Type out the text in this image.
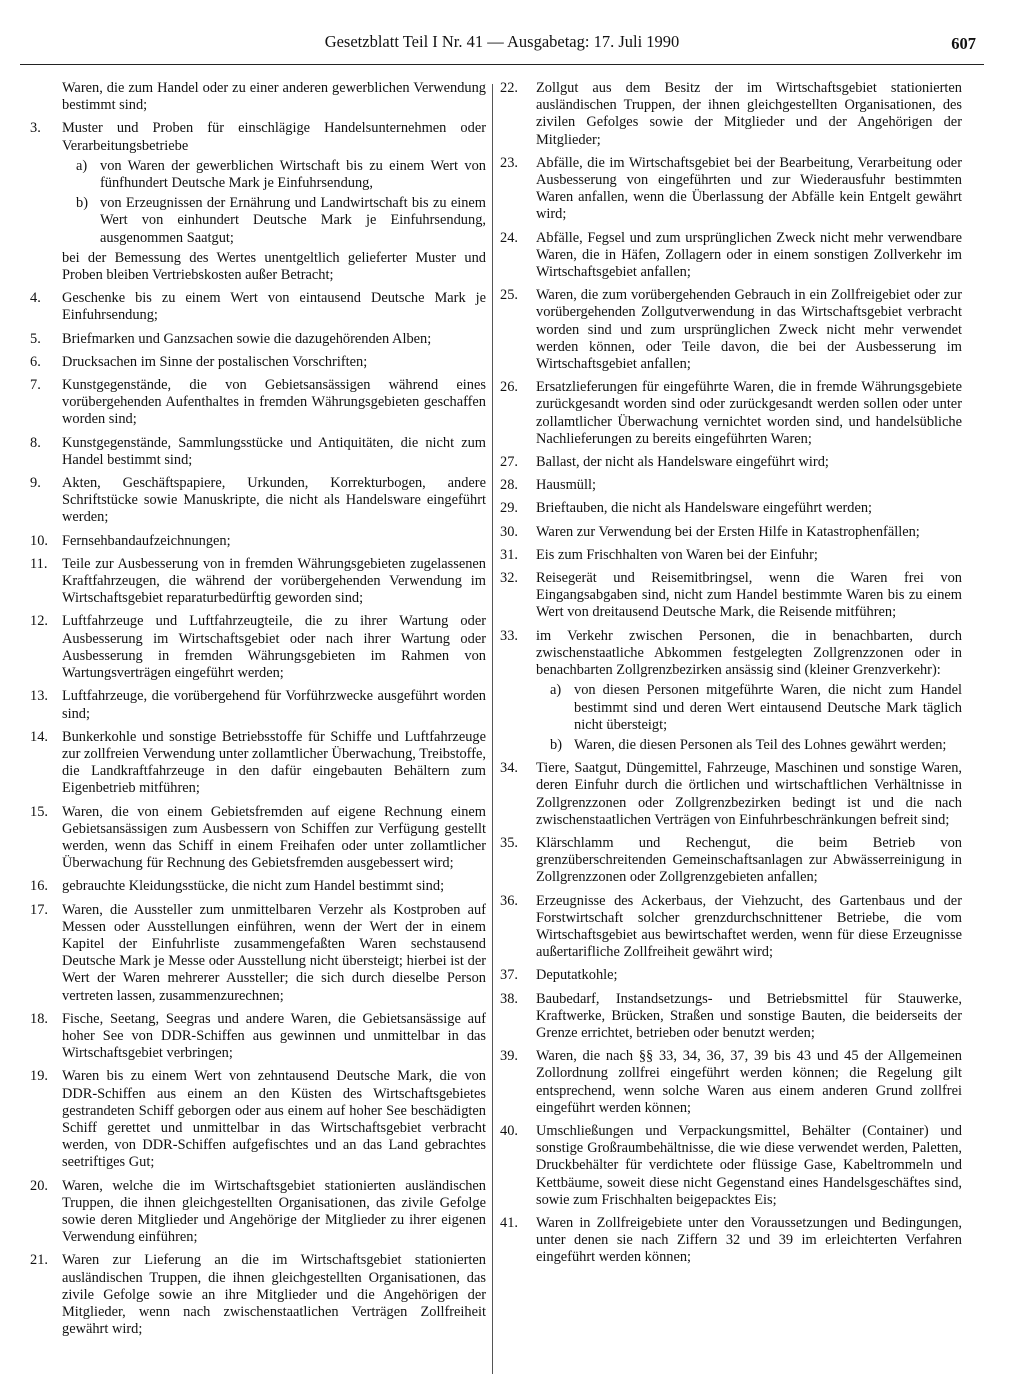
Gesetzblatt Teil I Nr. 41 — Ausgabetag: 17. Juli 1990	607
Waren, die zum Handel oder zu einer anderen gewerblichen Verwendung bestimmt sind;
3.	Muster und Proben für einschlägige Handelsunternehmen oder Verarbeitungsbetriebe
a) von Waren der gewerblichen Wirtschaft bis zu einem Wert von fünfhundert Deutsche Mark je Einfuhrsendung,
b) von Erzeugnissen der Ernährung und Landwirtschaft bis zu einem Wert von einhundert Deutsche Mark je Einfuhrsendung, ausgenommen Saatgut;
bei der Bemessung des Wertes unentgeltlich gelieferter Muster und Proben bleiben Vertriebskosten außer Betracht;
4.	Geschenke bis zu einem Wert von eintausend Deutsche Mark je Einfuhrsendung;
5.	Briefmarken und Ganzsachen sowie die dazugehörenden Alben;
6.	Drucksachen im Sinne der postalischen Vorschriften;
7.	Kunstgegenstände, die von Gebietsansässigen während eines vorübergehenden Aufenthaltes in fremden Währungsgebieten geschaffen worden sind;
8.	Kunstgegenstände, Sammlungsstücke und Antiquitäten, die nicht zum Handel bestimmt sind;
9.	Akten, Geschäftspapiere, Urkunden, Korrekturbogen, andere Schriftstücke sowie Manuskripte, die nicht als Handelsware eingeführt werden;
10. Fernsehbandaufzeichnungen;
11.	Teile zur Ausbesserung von in fremden Währungsgebieten zugelassenen Kraftfahrzeugen, die während der vorübergehenden Verwendung im Wirtschaftsgebiet reparaturbedürftig geworden sind;
12. Luftfahrzeuge und Luftfahrzeugteile, die zu ihrer Wartung oder Ausbesserung im Wirtschaftsgebiet oder nach ihrer Wartung oder Ausbesserung in fremden Währungsgebieten im Rahmen von Wartungsverträgen eingeführt werden;
13. Luftfahrzeuge, die vorübergehend für Vorführzwecke ausgeführt worden sind;
14. Bunkerkohle und sonstige Betriebsstoffe für Schiffe und Luftfahrzeuge zur zollfreien Verwendung unter zollamtlicher Überwachung, Treibstoffe, die Landkraftfahrzeuge in den dafür eingebauten Behältern zum Eigenbetrieb mitführen;
15. Waren, die von einem Gebietsfremden auf eigene Rechnung einem Gebietsansässigen zum Ausbessern von Schiffen zur Verfügung gestellt werden, wenn das Schiff in einem Freihafen oder unter zollamtlicher Überwachung für Rechnung des Gebietsfremden ausgebessert wird;
16. gebrauchte Kleidungsstücke, die nicht zum Handel bestimmt sind;
17. Waren, die Aussteller zum unmittelbaren Verzehr als Kostproben auf Messen oder Ausstellungen einführen, wenn der Wert der in einem Kapitel der Einfuhrliste zusammengefaßten Waren sechstausend Deutsche Mark je Messe oder Ausstellung nicht übersteigt; hierbei ist der Wert der Waren mehrerer Aussteller; die sich durch dieselbe Person vertreten lassen, zusammenzurechnen;
18. Fische, Seetang, Seegras und andere Waren, die Gebietsansässige auf hoher See von DDR-Schiffen aus gewinnen und unmittelbar in das Wirtschaftsgebiet verbringen;
19. Waren bis zu einem Wert von zehntausend Deutsche Mark, die von DDR-Schiffen aus einem an den Küsten des Wirtschaftsgebietes gestrandeten Schiff geborgen oder aus einem auf hoher See beschädigten Schiff gerettet und unmittelbar in das Wirtschaftsgebiet verbracht werden, von DDR-Schiffen aufgefischtes und an das Land gebrachtes seetriftiges Gut;
20. Waren, welche die im Wirtschaftsgebiet stationierten ausländischen Truppen, die ihnen gleichgestellten Organisationen, das zivile Gefolge sowie deren Mitglieder und Angehörige der Mitglieder zu ihrer eigenen Verwendung einführen;
21. Waren zur Lieferung an die im Wirtschaftsgebiet stationierten ausländischen Truppen, die ihnen gleichgestellten Organisationen, das zivile Gefolge sowie an ihre Mitglieder und die Angehörigen der Mitglieder, wenn nach zwischenstaatlichen Verträgen Zollfreiheit gewährt wird;
22.	Zollgut aus dem Besitz der im Wirtschaftsgebiet stationierten ausländischen Truppen, der ihnen gleichgestellten Organisationen, des zivilen Gefolges sowie der Mitglieder und der Angehörigen der Mitglieder;
23.	Abfälle, die im Wirtschaftsgebiet bei der Bearbeitung, Verarbeitung oder Ausbesserung von eingeführten und zur Wiederausfuhr bestimmten Waren anfallen, wenn die Überlassung der Abfälle kein Entgelt gewährt wird;
24.	Abfälle, Fegsel und zum ursprünglichen Zweck nicht mehr verwendbare Waren, die in Häfen, Zollagern oder in einem sonstigen Zollverkehr im Wirtschaftsgebiet anfallen;
25.	Waren, die zum vorübergehenden Gebrauch in ein Zollfreigebiet oder zur vorübergehenden Zollgutverwendung in das Wirtschaftsgebiet verbracht worden sind und zum ursprünglichen Zweck nicht mehr verwendet werden können, oder Teile davon, die bei der Ausbesserung im Wirtschaftsgebiet anfallen;
26.	Ersatzlieferungen für eingeführte Waren, die in fremde Währungsgebiete zurückgesandt worden sind oder zurückgesandt werden sollen oder unter zollamtlicher Überwachung vernichtet worden sind, und handelsübliche Nachlieferungen zu bereits eingeführten Waren;
27.	Ballast, der nicht als Handelsware eingeführt wird;
28.	Hausmüll;
29.	Brieftauben, die nicht als Handelsware eingeführt werden;
30.	Waren zur Verwendung bei der Ersten Hilfe in Katastrophenfällen;
31.	Eis zum Frischhalten von Waren bei der Einfuhr;
32.	Reisegerät und Reisemitbringsel, wenn die Waren frei von Eingangsabgaben sind, nicht zum Handel bestimmte Waren bis zu einem Wert von dreitausend Deutsche Mark, die Reisende mitführen;
33.	im Verkehr zwischen Personen, die in benachbarten, durch zwischenstaatliche Abkommen festgelegten Zollgrenzzonen oder in benachbarten Zollgrenzbezirken ansässig sind (kleiner Grenzverkehr):
a) von diesen Personen mitgeführte Waren, die nicht zum Handel bestimmt sind und deren Wert eintausend Deutsche Mark täglich nicht übersteigt;
b) Waren, die diesen Personen als Teil des Lohnes gewährt werden;
34.	Tiere, Saatgut, Düngemittel, Fahrzeuge, Maschinen und sonstige Waren, deren Einfuhr durch die örtlichen und wirtschaftlichen Verhältnisse in Zollgrenzzonen oder Zollgrenzbezirken bedingt ist und die nach zwischenstaatlichen Verträgen von Einfuhrbeschränkungen befreit sind;
35.	Klärschlamm und Rechengut, die beim Betrieb von grenzüberschreitenden Gemeinschaftsanlagen zur Abwässerreinigung in Zollgrenzzonen oder Zollgrenzgebieten anfallen;
36.	Erzeugnisse des Ackerbaus, der Viehzucht, des Gartenbaus und der Forstwirtschaft solcher grenzdurchschnittener Betriebe, die vom Wirtschaftsgebiet aus bewirtschaftet werden, wenn für diese Erzeugnisse außertarifliche Zollfreiheit gewährt wird;
37.	Deputatkohle;
38.	Baubedarf, Instandsetzungs- und Betriebsmittel für Stauwerke, Kraftwerke, Brücken, Straßen und sonstige Bauten, die beiderseits der Grenze errichtet, betrieben oder benutzt werden;
39.	Waren, die nach §§ 33, 34, 36, 37, 39 bis 43 und 45 der Allgemeinen Zollordnung zollfrei eingeführt werden können; die Regelung gilt entsprechend, wenn solche Waren aus einem anderen Grund zollfrei eingeführt werden können;
40.	Umschließungen und Verpackungsmittel, Behälter (Container) und sonstige Großraumbehältnisse, die wie diese verwendet werden, Paletten, Druckbehälter für verdichtete oder flüssige Gase, Kabeltrommeln und Kettbäume, soweit diese nicht Gegenstand eines Handelsgeschäftes sind, sowie zum Frischhalten beigepacktes Eis;
41.	Waren in Zollfreigebiete unter den Voraussetzungen und Bedingungen, unter denen sie nach Ziffern 32 und 39 im erleichterten Verfahren eingeführt werden können;
